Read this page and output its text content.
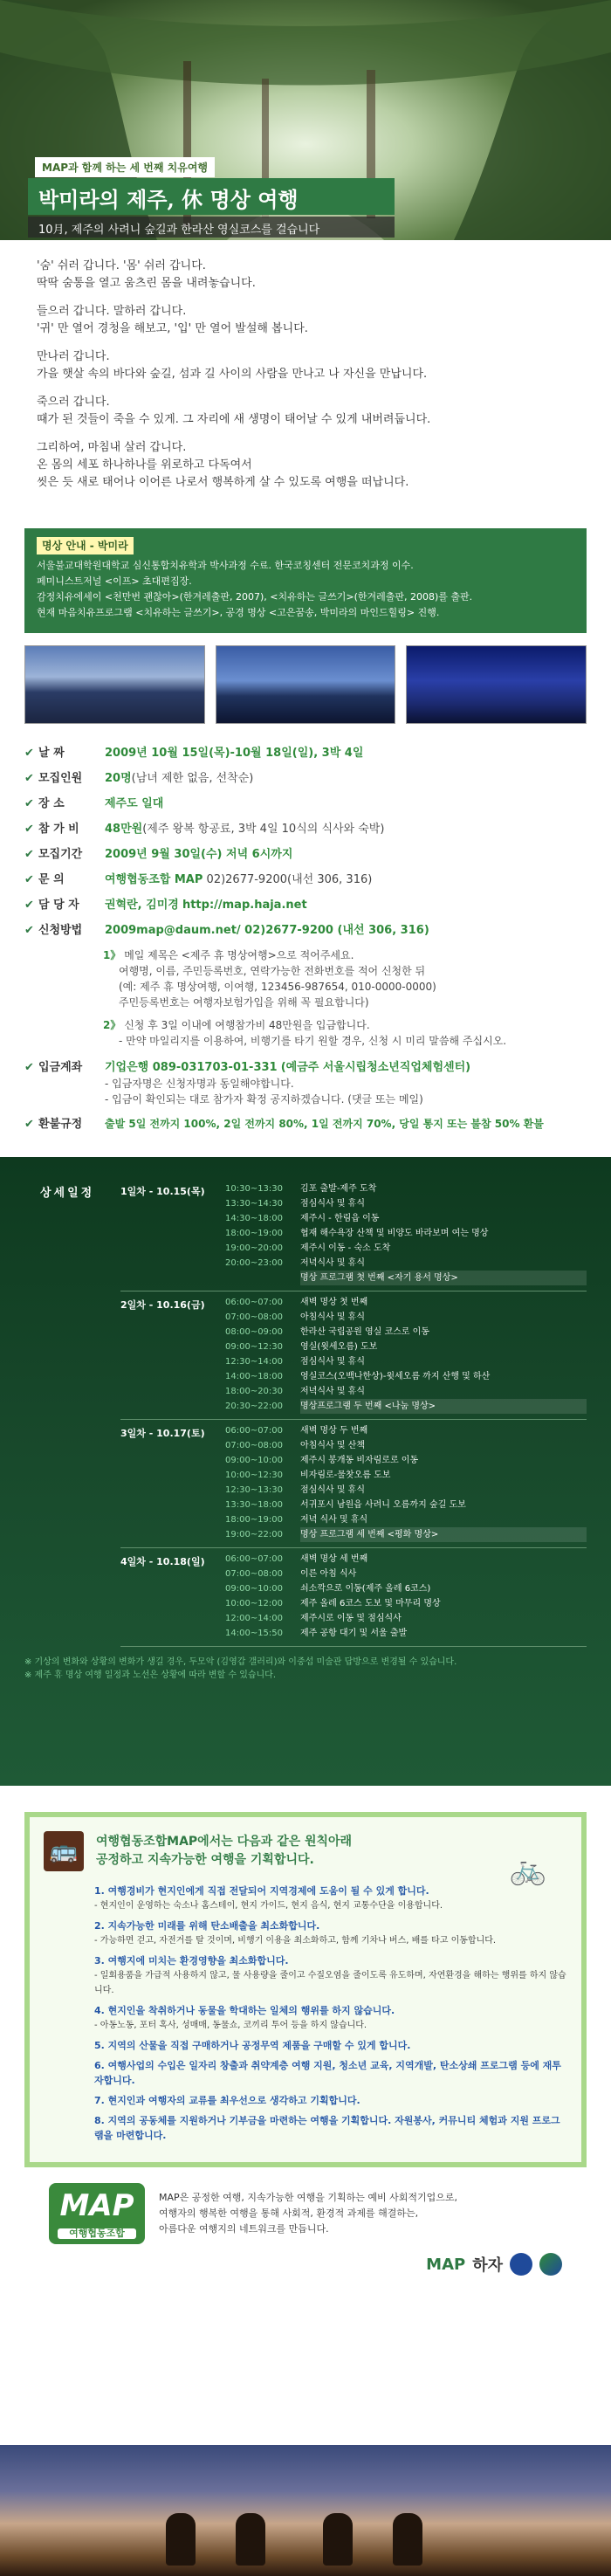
MAP과 함께 하는 세 번째 치유여행
박미라의 제주, 休 명상 여행
10月, 제주의 사려니 숲길과 한라산 영실코스를 걸습니다
'숨' 쉬러 갑니다. '몸' 쉬러 갑니다.
딱딱 숨통을 열고 움츠린 몸을 내려놓습니다.
들으러 갑니다. 말하러 갑니다.
'귀' 만 열어 경청을 해보고, '입' 만 열어 발설해 봅니다.
만나러 갑니다.
가을 햇살 속의 바다와 숲길, 섬과 길 사이의 사람을 만나고 나 자신을 만납니다.
죽으러 갑니다.
때가 된 것들이 죽을 수 있게. 그 자리에 새 생명이 태어날 수 있게 내버려둡니다.
그리하여, 마침내 살러 갑니다.
온 몸의 세포 하나하나를 위로하고 다독여서
씻은 듯 새로 태어나 이어른 나로서 행복하게 살 수 있도록 여행을 떠납니다.
명상 안내 - 박미라
서울불교대학원대학교 심신통합치유학과 박사과정 수료. 한국코칭센터 전문코치과정 이수.
페미니스트저널 <이프> 초대편집장.
감정치유에세이 <천만번 괜찮아>(한겨레출판, 2007), <치유하는 글쓰기>(한겨레출판, 2008)를 출판.
현재 마음치유프로그램 <치유하는 글쓰기>, 공경 명상 <고은꿈송, 박미라의 마인드힐링> 진행.
✔ 날 짜	2009년 10월 15일(목)-10월 18일(일), 3박 4일
✔ 모집인원	20명(남녀 제한 없음, 선착순)
✔ 장 소	제주도 일대
✔ 참 가 비	48만원(제주 왕복 항공료, 3박 4일 10식의 식사와 숙박)
✔ 모집기간	2009년 9월 30일(수) 저녁 6시까지
✔ 문 의	여행협동조합 MAP 02)2677-9200(내선 306, 316)
✔ 담 당 자	권혁란, 김미경 http://map.haja.net
✔ 신청방법	2009map@daum.net/ 02)2677-9200 (내선 306, 316)
1》 메일 제목은 <제주 휴 명상여행>으로 적어주세요.
여행명, 이름, 주민등록번호, 연락가능한 전화번호를 적어 신청한 뒤
(예: 제주 휴 명상여행, 이여행, 123456-987654, 010-0000-0000)
주민등록번호는 여행자보험가입을 위해 꼭 필요합니다)
2》 신청 후 3일 이내에 여행참가비 48만원을 입금합니다.
- 만약 마일리지를 이용하여, 비행기를 타기 원할 경우, 신청 시 미리 말씀해 주십시오.
✔ 입금계좌	기업은행 089-031703-01-331 (예금주 서울시립청소년직업체험센터)
- 입금자명은 신청자명과 동일해야합니다.
- 입금이 확인되는 대로 참가자 확정 공지하겠습니다. (댓글 또는 메일)
✔ 환불규정	출발 5일 전까지 100%, 2일 전까지 80%, 1일 전까지 70%, 당일 통지 또는 불참 50% 환불
상세일정	1일차 - 10.15(목)	10:30~13:30	김포 출발-제주 도착
13:30~14:30	점심식사 및 휴식
14:30~18:00	제주시 - 한림읍 이동
18:00~19:00	협재 해수욕장 산책 및 비양도 바라보며 여는 명상
19:00~20:00	제주시 이동 - 숙소 도착
20:00~23:00	저녁식사 및 휴식
명상 프로그램 첫 번째 <자기 용서 명상>
2일차 - 10.16(금)	06:00~07:00	새벽 명상 첫 번째
07:00~08:00	아침식사 및 휴식
08:00~09:00	한라산 국립공원 영실 코스로 이동
09:00~12:30	영실(윗세오름) 도보
12:30~14:00	점심식사 및 휴식
14:00~18:00	영실코스(오백나한상)-윗세오름 까지 산행 및 하산
18:00~20:30	저녁식사 및 휴식
20:30~22:00	명상프로그램 두 번째 <나눔 명상>
3일차 - 10.17(토)	06:00~07:00	새벽 명상 두 번째
07:00~08:00	아침식사 및 산책
09:00~10:00	제주시 봉개동 비자림로로 이동
10:00~12:30	비자림로-물찻오름 도보
12:30~13:30	점심식사 및 휴식
13:30~18:00	서귀포시 남원읍 사려니 오름까지 숲길 도보
18:00~19:00	저녁 식사 및 휴식
19:00~22:00	명상 프로그램 세 번째 <평화 명상>
4일차 - 10.18(일)	06:00~07:00	새벽 명상 세 번째
07:00~08:00	이른 아침 식사
09:00~10:00	쇠소깍으로 이동(제주 올레 6코스)
10:00~12:00	제주 올레 6코스 도보 및 마무리 명상
12:00~14:00	제주시로 이동 및 점심식사
14:00~15:50	제주 공항 대기 및 서울 출발
※ 기상의 변화와 상황의 변화가 생길 경우, 두모악 (김영갑 갤러리)와 이중섭 미술관 답방으로 변경될 수 있습니다.
※ 제주 휴 명상 여행 일정과 노선은 상황에 따라 변할 수 있습니다.
🚲
🚌	여행협동조합MAP에서는 다음과 같은 원칙아래
공정하고 지속가능한 여행을 기획합니다.
1. 여행경비가 현지인에게 직접 전달되어 지역경제에 도움이 될 수 있게 합니다.
- 현지인이 운영하는 숙소나 홈스테이, 현지 가이드, 현지 음식, 현지 교통수단을 이용합니다.
2. 지속가능한 미래를 위해 탄소배출을 최소화합니다.
- 가능하면 걷고, 자전거를 탈 것이며, 비행기 이용을 최소화하고, 함께 기차나 버스, 배를 타고 이동합니다.
3. 여행지에 미치는 환경영향을 최소화합니다.
- 일회용품을 가급적 사용하지 않고, 물 사용량을 줄이고 수질오염을 줄이도록 유도하며, 자연환경을 해하는 행위를 하지 않습니다.
4. 현지인을 착취하거나 동물을 학대하는 일체의 행위를 하지 않습니다.
- 아동노동, 포터 혹사, 성매매, 동물쇼, 코끼리 투어 등을 하지 않습니다.
5. 지역의 산물을 직접 구매하거나 공정무역 제품을 구매할 수 있게 합니다.
6. 여행사업의 수입은 일자리 창출과 취약계층 여행 지원, 청소년 교육, 지역개발, 탄소상쇄 프로그램 등에 재투자합니다.
7. 현지인과 여행자의 교류를 최우선으로 생각하고 기획합니다.
8. 지역의 공동체를 지원하거나 기부금을 마련하는 여행을 기획합니다. 자원봉사, 커뮤니티 체험과 지원 프로그램을 마련합니다.
MAP
여행협동조합
MAP은 공정한 여행, 지속가능한 여행을 기획하는 예비 사회적기업으로,
여행자의 행복한 여행을 통해 사회적, 환경적 과제를 해결하는,
아름다운 여행지의 네트워크를 만듭니다.
MAP 하자
